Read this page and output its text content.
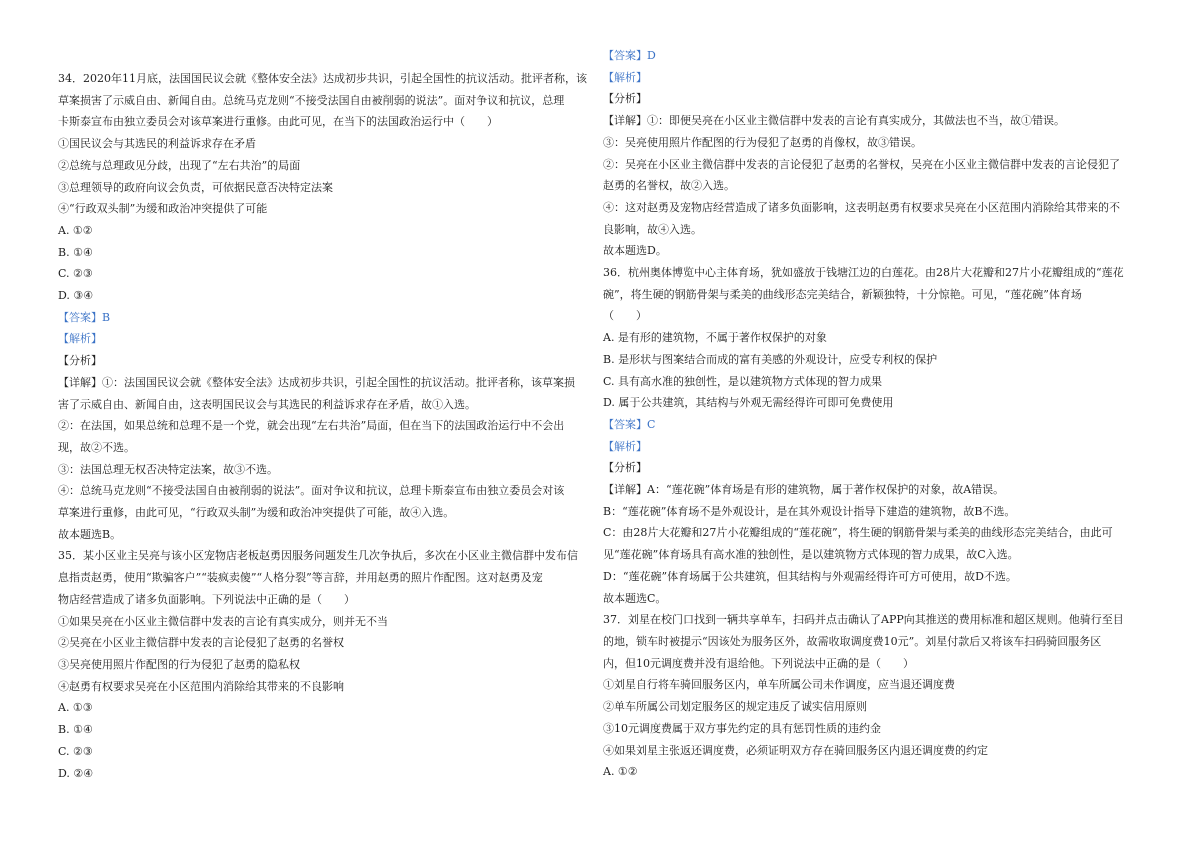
34．2020年11月底，法国国民议会就《整体安全法》达成初步共识，引起全国性的抗议活动。批评者称，该
草案损害了示威自由、新闻自由。总统马克龙则“不接受法国自由被削弱的说法”。面对争议和抗议，总理
卡斯泰宣布由独立委员会对该草案进行重修。由此可见，在当下的法国政治运行中（　　）
①国民议会与其选民的利益诉求存在矛盾
②总统与总理政见分歧，出现了“左右共治”的局面
③总理领导的政府向议会负责，可依据民意否决特定法案
④“行政双头制”为缓和政治冲突提供了可能
A. ①②
B. ①④
C. ②③
D. ③④
【答案】B
【解析】
【分析】
【详解】①：法国国民议会就《整体安全法》达成初步共识，引起全国性的抗议活动。批评者称，该草案损
害了示威自由、新闻自由，这表明国民议会与其选民的利益诉求存在矛盾，故①入选。
②：在法国，如果总统和总理不是一个党，就会出现“左右共治”局面，但在当下的法国政治运行中不会出
现，故②不选。
③：法国总理无权否决特定法案，故③不选。
④：总统马克龙则“不接受法国自由被削弱的说法”。面对争议和抗议，总理卡斯泰宣布由独立委员会对该
草案进行重修，由此可见，“行政双头制”为缓和政治冲突提供了可能，故④入选。
故本题选B。
35．某小区业主吴亮与该小区宠物店老板赵勇因服务问题发生几次争执后，多次在小区业主微信群中发布信
息指责赵勇，使用“欺骗客户”“装疯卖傻”“人格分裂”等言辞，并用赵勇的照片作配图。这对赵勇及宠
物店经营造成了诸多负面影响。下列说法中正确的是（　　）
①如果吴亮在小区业主微信群中发表的言论有真实成分，则并无不当
②吴亮在小区业主微信群中发表的言论侵犯了赵勇的名誉权
③吴亮使用照片作配图的行为侵犯了赵勇的隐私权
④赵勇有权要求吴亮在小区范围内消除给其带来的不良影响
A. ①③
B. ①④
C. ②③
D. ②④
【答案】D
【解析】
【分析】
【详解】①：即便吴亮在小区业主微信群中发表的言论有真实成分，其做法也不当，故①错误。
③：吴亮使用照片作配图的行为侵犯了赵勇的肖像权，故③错误。
②：吴亮在小区业主微信群中发表的言论侵犯了赵勇的名誉权，吴亮在小区业主微信群中发表的言论侵犯了
赵勇的名誉权，故②入选。
④：这对赵勇及宠物店经营造成了诸多负面影响，这表明赵勇有权要求吴亮在小区范围内消除给其带来的不
良影响，故④入选。
故本题选D。
36．杭州奥体博览中心主体育场，犹如盛放于钱塘江边的白莲花。由28片大花瓣和27片小花瓣组成的“莲花
碗”，将生硬的钢筋骨架与柔美的曲线形态完美结合，新颖独特，十分惊艳。可见，“莲花碗”体育场
（　　）
A. 是有形的建筑物，不属于著作权保护的对象
B. 是形状与图案结合而成的富有美感的外观设计，应受专利权的保护
C. 具有高水准的独创性，是以建筑物方式体现的智力成果
D. 属于公共建筑，其结构与外观无需经得许可即可免费使用
【答案】C
【解析】
【分析】
【详解】A：“莲花碗”体育场是有形的建筑物，属于著作权保护的对象，故A错误。
B：“莲花碗”体育场不是外观设计，是在其外观设计指导下建造的建筑物，故B不选。
C：由28片大花瓣和27片小花瓣组成的“莲花碗”，将生硬的钢筋骨架与柔美的曲线形态完美结合，由此可
见“莲花碗”体育场具有高水准的独创性，是以建筑物方式体现的智力成果，故C入选。
D：“莲花碗”体育场属于公共建筑，但其结构与外观需经得许可方可使用，故D不选。
故本题选C。
37．刘星在校门口找到一辆共享单车，扫码并点击确认了APP向其推送的费用标准和超区规则。他骑行至目
的地，锁车时被提示“因该处为服务区外，故需收取调度费10元”。刘星付款后又将该车扫码骑回服务区
内，但10元调度费并没有退给他。下列说法中正确的是（　　）
①刘星自行将车骑回服务区内，单车所属公司未作调度，应当退还调度费
②单车所属公司划定服务区的规定违反了诚实信用原则
③10元调度费属于双方事先约定的具有惩罚性质的违约金
④如果刘星主张返还调度费，必须证明双方存在骑回服务区内退还调度费的约定
A. ①②
